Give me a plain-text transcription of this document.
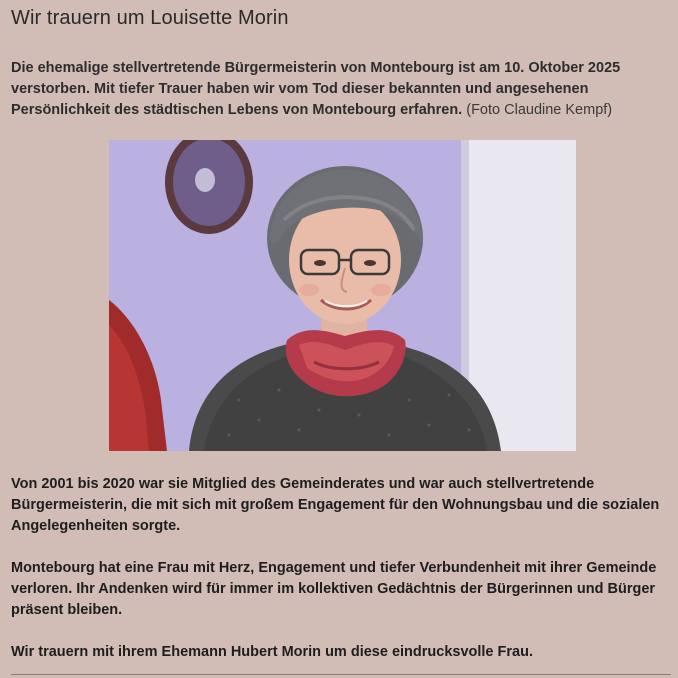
Wir trauern um Louisette Morin

Die ehemalige stellvertretende Bürgermeisterin von Montebourg ist am 10. Oktober 2025 verstorben. Mit tiefer Trauer haben wir vom Tod dieser bekannten und angesehenen Persönlichkeit des städtischen Lebens von Montebourg erfahren. (Foto Claudine Kempf)

Von 2001 bis 2020 war sie Mitglied des Gemeinderates und war auch stellvertretende Bürgermeisterin, die mit sich mit großem Engagement für den Wohnungsbau und die sozialen Angelegenheiten sorgte.

Montebourg hat eine Frau mit Herz, Engagement und tiefer Verbundenheit mit ihrer Gemeinde verloren. Ihr Andenken wird für immer im kollektiven Gedächtnis der Bürgerinnen und Bürger präsent bleiben.

Wir trauern mit ihrem Ehemann Hubert Morin um diese eindrucksvolle Frau.
